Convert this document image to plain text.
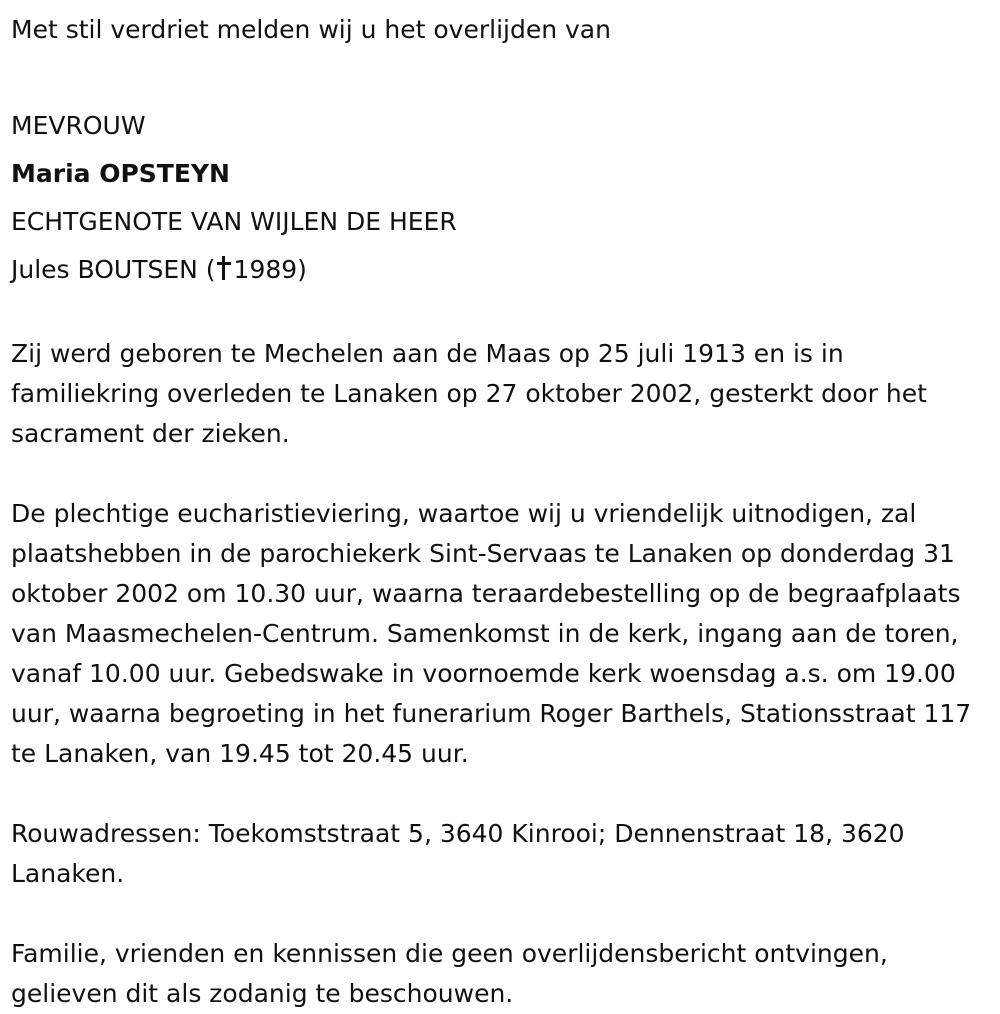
Met stil verdriet melden wij u het overlijden van

MEVROUW

Maria OPSTEYN

ECHTGENOTE VAN WIJLEN DE HEER

Jules BOUTSEN ( 1989)

Zij werd geboren te Mechelen aan de Maas op 25 juli 1913 en is in familiekring overleden te Lanaken op 27 oktober 2002, gesterkt door het sacrament der zieken.

De plechtige eucharistieviering, waartoe wij u vriendelijk uitnodigen, zal plaatshebben in de parochiekerk Sint-Servaas te Lanaken op donderdag 31 oktober 2002 om 10.30 uur, waarna teraardebestelling op de begraafplaats van Maasmechelen-Centrum. Samenkomst in de kerk, ingang aan de toren, vanaf 10.00 uur. Gebedswake in voornoemde kerk woensdag a.s. om 19.00 uur, waarna begroeting in het funerarium Roger Barthels, Stationsstraat 117 te Lanaken, van 19.45 tot 20.45 uur.

Rouwadressen: Toekomststraat 5, 3640 Kinrooi; Dennenstraat 18, 3620 Lanaken.

Familie, vrienden en kennissen die geen overlijdensbericht ontvingen, gelieven dit als zodanig te beschouwen.
